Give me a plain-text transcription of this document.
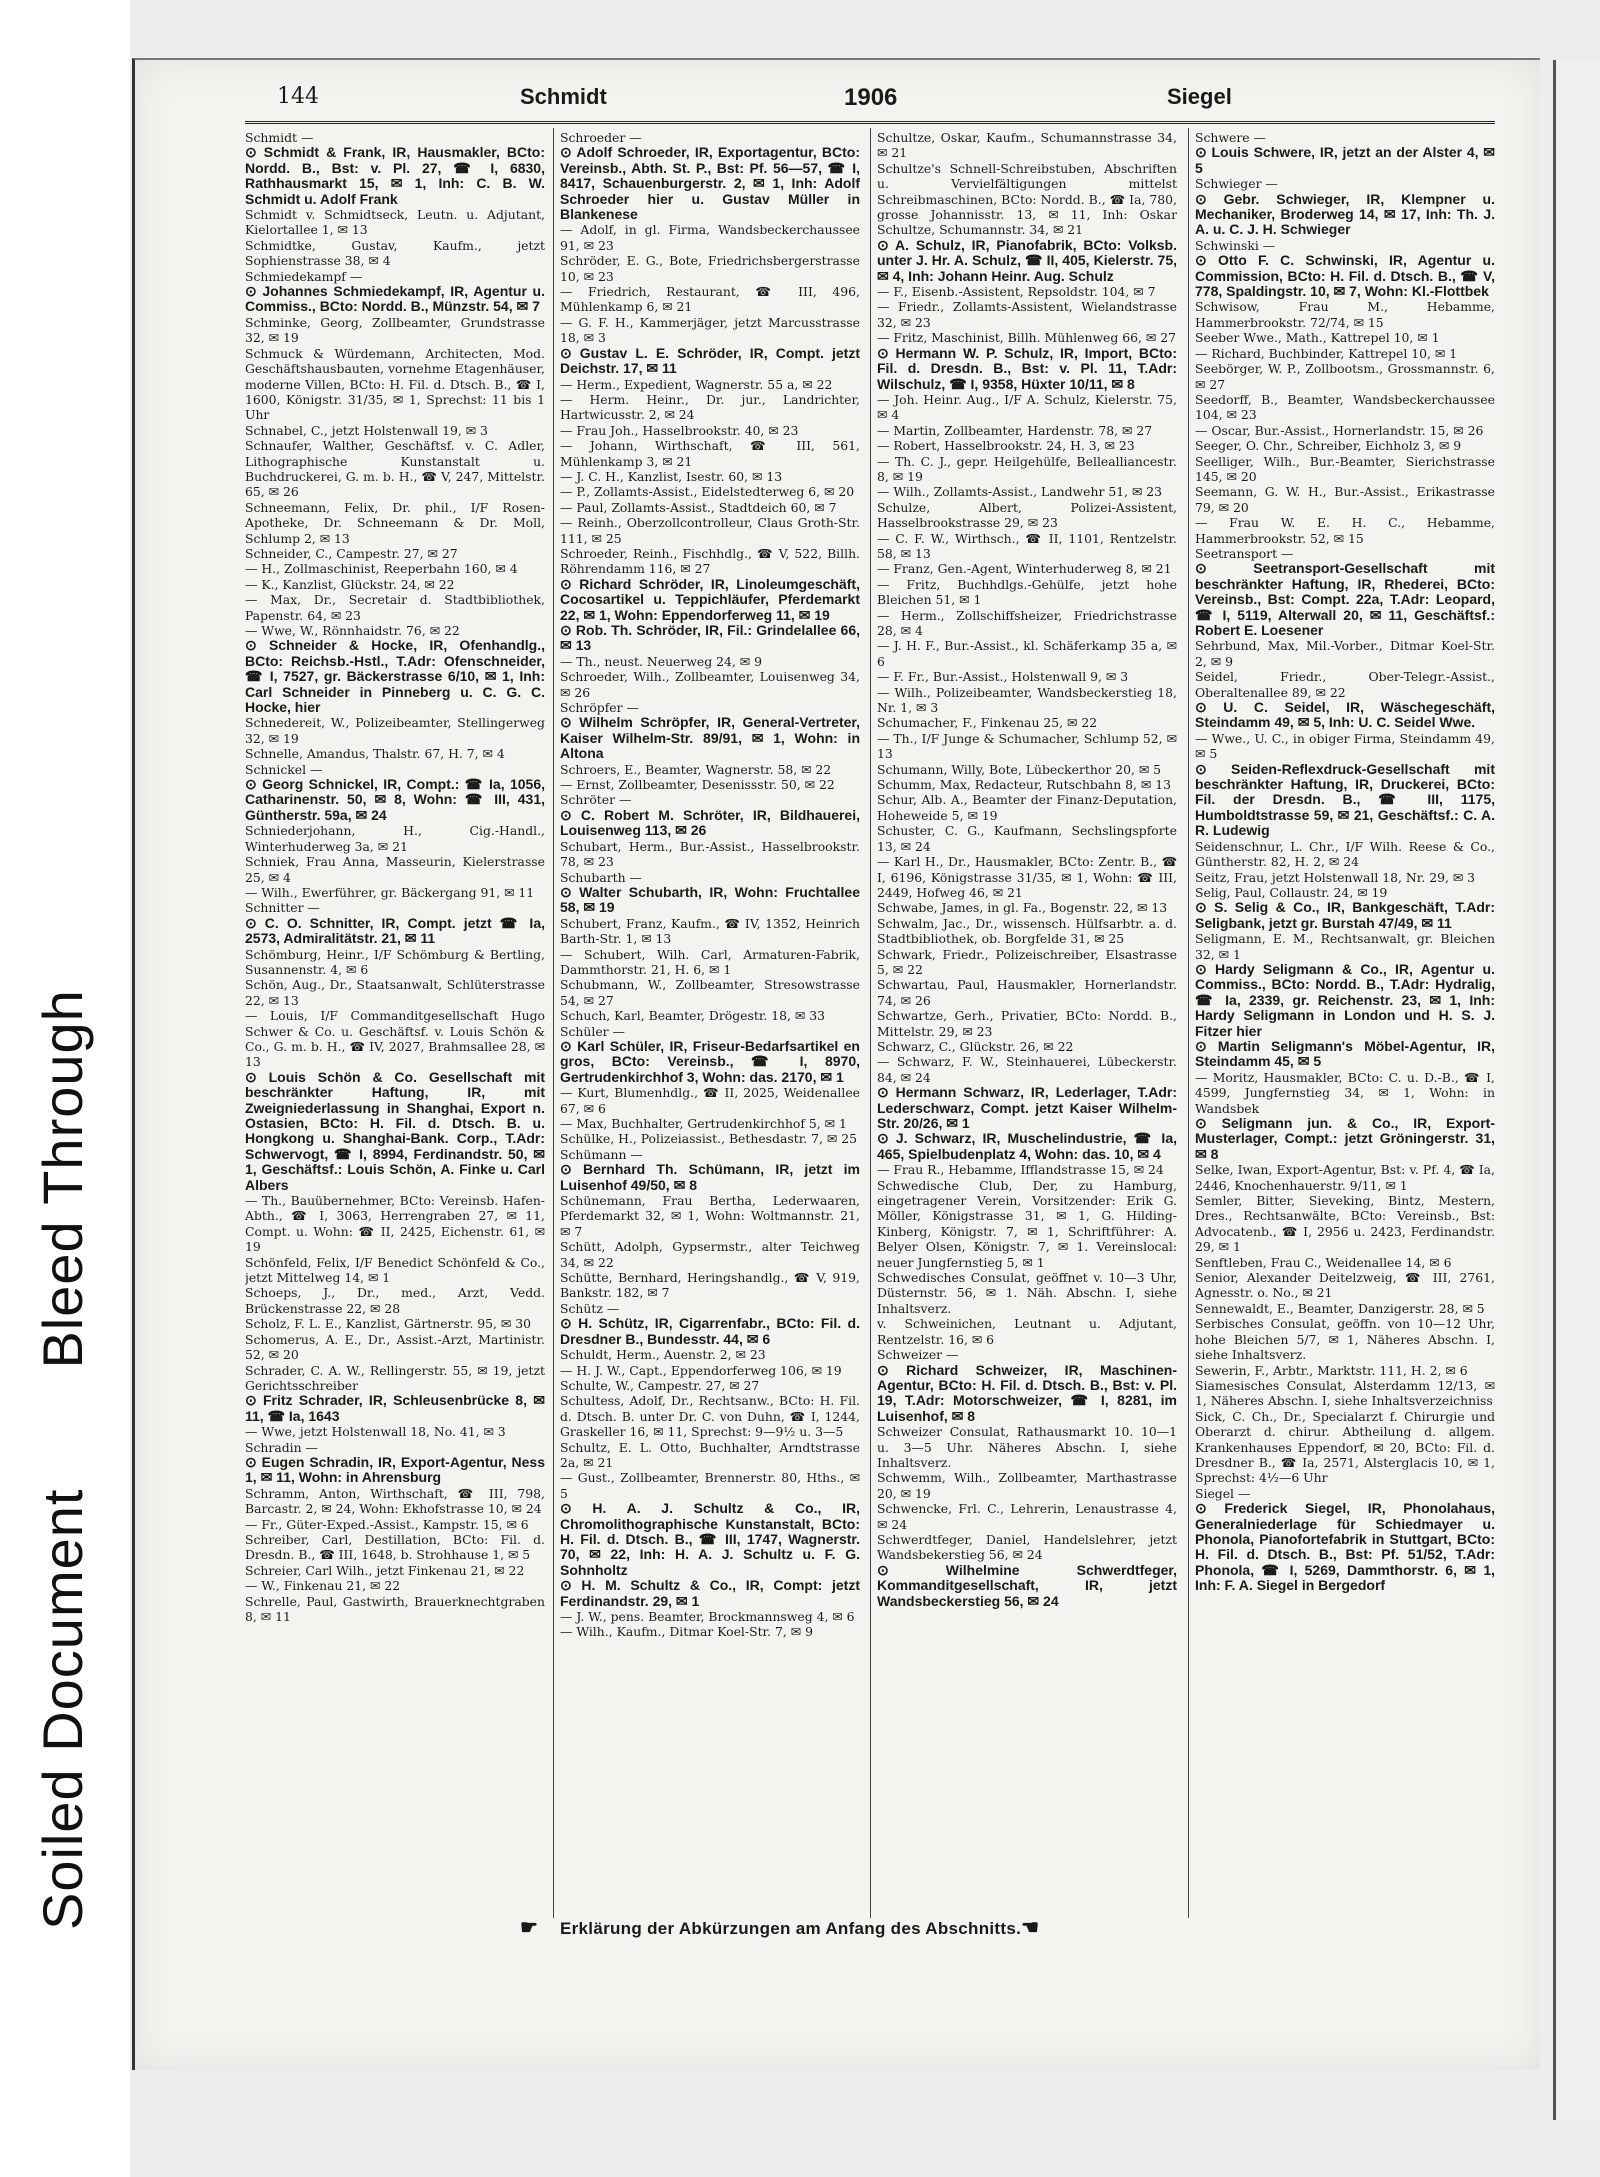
Soiled DocumentBleed Through
144	Schmidt	1906	Siegel

Schmidt —

⊙ Schmidt & Frank, IR, Hausmakler, BCto: Nordd. B., Bst: v. Pl. 27, ☎ I, 6830, Rathhausmarkt 15, ✉ 1, Inh: C. B. W. Schmidt u. Adolf Frank

Schmidt v. Schmidtseck, Leutn. u. Adjutant, Kielortallee 1, ✉ 13

Schmidtke, Gustav, Kaufm., jetzt Sophienstrasse 38, ✉ 4

Schmiedekampf —

⊙ Johannes Schmiedekampf, IR, Agentur u. Commiss., BCto: Nordd. B., Münzstr. 54, ✉ 7

Schminke, Georg, Zollbeamter, Grundstrasse 32, ✉ 19

Schmuck & Würdemann, Architecten, Mod. Geschäftshausbauten, vornehme Etagenhäuser, moderne Villen, BCto: H. Fil. d. Dtsch. B., ☎ I, 1600, Königstr. 31/35, ✉ 1, Sprechst: 11 bis 1 Uhr

Schnabel, C., jetzt Holstenwall 19, ✉ 3

Schnaufer, Walther, Geschäftsf. v. C. Adler, Lithographische Kunstanstalt u. Buchdruckerei, G. m. b. H., ☎ V, 247, Mittelstr. 65, ✉ 26

Schneemann, Felix, Dr. phil., I/F Rosen-Apotheke, Dr. Schneemann & Dr. Moll, Schlump 2, ✉ 13

Schneider, C., Campestr. 27, ✉ 27

— H., Zollmaschinist, Reeperbahn 160, ✉ 4

— K., Kanzlist, Glückstr. 24, ✉ 22

— Max, Dr., Secretair d. Stadtbibliothek, Papenstr. 64, ✉ 23

— Wwe, W., Rönnhaidstr. 76, ✉ 22

⊙ Schneider & Hocke, IR, Ofenhandlg., BCto: Reichsb.-Hstl., T.Adr: Ofenschneider, ☎ I, 7527, gr. Bäckerstrasse 6/10, ✉ 1, Inh: Carl Schneider in Pinneberg u. C. G. C. Hocke, hier

Schnedereit, W., Polizeibeamter, Stellingerweg 32, ✉ 19

Schnelle, Amandus, Thalstr. 67, H. 7, ✉ 4

Schnickel —

⊙ Georg Schnickel, IR, Compt.: ☎ Ia, 1056, Catharinenstr. 50, ✉ 8, Wohn: ☎ III, 431, Güntherstr. 59a, ✉ 24

Schniederjohann, H., Cig.-Handl., Winterhuderweg 3a, ✉ 21

Schniek, Frau Anna, Masseurin, Kielerstrasse 25, ✉ 4

— Wilh., Ewerführer, gr. Bäckergang 91, ✉ 11

Schnitter —

⊙ C. O. Schnitter, IR, Compt. jetzt ☎ Ia, 2573, Admiralitätstr. 21, ✉ 11

Schömburg, Heinr., I/F Schömburg & Bertling, Susannenstr. 4, ✉ 6

Schön, Aug., Dr., Staatsanwalt, Schlüterstrasse 22, ✉ 13

— Louis, I/F Commanditgesellschaft Hugo Schwer & Co. u. Geschäftsf. v. Louis Schön & Co., G. m. b. H., ☎ IV, 2027, Brahmsallee 28, ✉ 13

⊙ Louis Schön & Co. Gesellschaft mit beschränkter Haftung, IR, mit Zweigniederlassung in Shanghai, Export n. Ostasien, BCto: H. Fil. d. Dtsch. B. u. Hongkong u. Shanghai-Bank. Corp., T.Adr: Schwervogt, ☎ I, 8994, Ferdinandstr. 50, ✉ 1, Geschäftsf.: Louis Schön, A. Finke u. Carl Albers

— Th., Bauübernehmer, BCto: Vereinsb. Hafen-Abth., ☎ I, 3063, Herrengraben 27, ✉ 11, Compt. u. Wohn: ☎ II, 2425, Eichenstr. 61, ✉ 19

Schönfeld, Felix, I/F Benedict Schönfeld & Co., jetzt Mittelweg 14, ✉ 1

Schoeps, J., Dr., med., Arzt, Vedd. Brückenstrasse 22, ✉ 28

Scholz, F. L. E., Kanzlist, Gärtnerstr. 95, ✉ 30

Schomerus, A. E., Dr., Assist.-Arzt, Martinistr. 52, ✉ 20

Schrader, C. A. W., Rellingerstr. 55, ✉ 19, jetzt Gerichtsschreiber

⊙ Fritz Schrader, IR, Schleusenbrücke 8, ✉ 11, ☎ Ia, 1643

— Wwe, jetzt Holstenwall 18, No. 41, ✉ 3

Schradin —

⊙ Eugen Schradin, IR, Export-Agentur, Ness 1, ✉ 11, Wohn: in Ahrensburg

Schramm, Anton, Wirthschaft, ☎ III, 798, Barcastr. 2, ✉ 24, Wohn: Ekhofstrasse 10, ✉ 24

— Fr., Güter-Exped.-Assist., Kampstr. 15, ✉ 6

Schreiber, Carl, Destillation, BCto: Fil. d. Dresdn. B., ☎ III, 1648, b. Strohhause 1, ✉ 5

Schreier, Carl Wilh., jetzt Finkenau 21, ✉ 22

— W., Finkenau 21, ✉ 22

Schrelle, Paul, Gastwirth, Brauerknechtgraben 8, ✉ 11

Schroeder —

⊙ Adolf Schroeder, IR, Exportagentur, BCto: Vereinsb., Abth. St. P., Bst: Pf. 56—57, ☎ I, 8417, Schauenburgerstr. 2, ✉ 1, Inh: Adolf Schroeder hier u. Gustav Müller in Blankenese

— Adolf, in gl. Firma, Wandsbeckerchaussee 91, ✉ 23

Schröder, E. G., Bote, Friedrichsbergerstrasse 10, ✉ 23

— Friedrich, Restaurant, ☎ III, 496, Mühlenkamp 6, ✉ 21

— G. F. H., Kammerjäger, jetzt Marcusstrasse 18, ✉ 3

⊙ Gustav L. E. Schröder, IR, Compt. jetzt Deichstr. 17, ✉ 11

— Herm., Expedient, Wagnerstr. 55 a, ✉ 22

— Herm. Heinr., Dr. jur., Landrichter, Hartwicusstr. 2, ✉ 24

— Frau Joh., Hasselbrookstr. 40, ✉ 23

— Johann, Wirthschaft, ☎ III, 561, Mühlenkamp 3, ✉ 21

— J. C. H., Kanzlist, Isestr. 60, ✉ 13

— P., Zollamts-Assist., Eidelstedterweg 6, ✉ 20

— Paul, Zollamts-Assist., Stadtdeich 60, ✉ 7

— Reinh., Oberzollcontrolleur, Claus Groth-Str. 111, ✉ 25

Schroeder, Reinh., Fischhdlg., ☎ V, 522, Billh. Röhrendamm 116, ✉ 27

⊙ Richard Schröder, IR, Linoleumgeschäft, Cocosartikel u. Teppichläufer, Pferdemarkt 22, ✉ 1, Wohn: Eppendorferweg 11, ✉ 19

⊙ Rob. Th. Schröder, IR, Fil.: Grindelallee 66, ✉ 13

— Th., neust. Neuerweg 24, ✉ 9

Schroeder, Wilh., Zollbeamter, Louisenweg 34, ✉ 26

Schröpfer —

⊙ Wilhelm Schröpfer, IR, General-Vertreter, Kaiser Wilhelm-Str. 89/91, ✉ 1, Wohn: in Altona

Schroers, E., Beamter, Wagnerstr. 58, ✉ 22

— Ernst, Zollbeamter, Desenissstr. 50, ✉ 22

Schröter —

⊙ C. Robert M. Schröter, IR, Bildhauerei, Louisenweg 113, ✉ 26

Schubart, Herm., Bur.-Assist., Hasselbrookstr. 78, ✉ 23

Schubarth —

⊙ Walter Schubarth, IR, Wohn: Fruchtallee 58, ✉ 19

Schubert, Franz, Kaufm., ☎ IV, 1352, Heinrich Barth-Str. 1, ✉ 13

— Schubert, Wilh. Carl, Armaturen-Fabrik, Dammthorstr. 21, H. 6, ✉ 1

Schubmann, W., Zollbeamter, Stresowstrasse 54, ✉ 27

Schuch, Karl, Beamter, Drögestr. 18, ✉ 33

Schüler —

⊙ Karl Schüler, IR, Friseur-Bedarfsartikel en gros, BCto: Vereinsb., ☎ I, 8970, Gertrudenkirchhof 3, Wohn: das. 2170, ✉ 1

— Kurt, Blumenhdlg., ☎ II, 2025, Weidenallee 67, ✉ 6

— Max, Buchhalter, Gertrudenkirchhof 5, ✉ 1

Schülke, H., Polizeiassist., Bethesdastr. 7, ✉ 25

Schümann —

⊙ Bernhard Th. Schümann, IR, jetzt im Luisenhof 49/50, ✉ 8

Schünemann, Frau Bertha, Lederwaaren, Pferdemarkt 32, ✉ 1, Wohn: Woltmannstr. 21, ✉ 7

Schütt, Adolph, Gypsermstr., alter Teichweg 34, ✉ 22

Schütte, Bernhard, Heringshandlg., ☎ V, 919, Bankstr. 182, ✉ 7

Schütz —

⊙ H. Schütz, IR, Cigarrenfabr., BCto: Fil. d. Dresdner B., Bundesstr. 44, ✉ 6

Schuldt, Herm., Auenstr. 2, ✉ 23

— H. J. W., Capt., Eppendorferweg 106, ✉ 19

Schulte, W., Campestr. 27, ✉ 27

Schultess, Adolf, Dr., Rechtsanw., BCto: H. Fil. d. Dtsch. B. unter Dr. C. von Duhn, ☎ I, 1244, Graskeller 16, ✉ 11, Sprechst: 9—9½ u. 3—5

Schultz, E. L. Otto, Buchhalter, Arndtstrasse 2a, ✉ 21

— Gust., Zollbeamter, Brennerstr. 80, Hths., ✉ 5

⊙ H. A. J. Schultz & Co., IR, Chromolithographische Kunstanstalt, BCto: H. Fil. d. Dtsch. B., ☎ III, 1747, Wagnerstr. 70, ✉ 22, Inh: H. A. J. Schultz u. F. G. Sohnholtz

⊙ H. M. Schultz & Co., IR, Compt: jetzt Ferdinandstr. 29, ✉ 1

— J. W., pens. Beamter, Brockmannsweg 4, ✉ 6

— Wilh., Kaufm., Ditmar Koel-Str. 7, ✉ 9

Schultze, Oskar, Kaufm., Schumannstrasse 34, ✉ 21

Schultze's Schnell-Schreibstuben, Abschriften u. Vervielfältigungen mittelst Schreibmaschinen, BCto: Nordd. B., ☎ Ia, 780, grosse Johannisstr. 13, ✉ 11, Inh: Oskar Schultze, Schumannstr. 34, ✉ 21

⊙ A. Schulz, IR, Pianofabrik, BCto: Volksb. unter J. Hr. A. Schulz, ☎ II, 405, Kielerstr. 75, ✉ 4, Inh: Johann Heinr. Aug. Schulz

— F., Eisenb.-Assistent, Repsoldstr. 104, ✉ 7

— Friedr., Zollamts-Assistent, Wielandstrasse 32, ✉ 23

— Fritz, Maschinist, Billh. Mühlenweg 66, ✉ 27

⊙ Hermann W. P. Schulz, IR, Import, BCto: Fil. d. Dresdn. B., Bst: v. Pl. 11, T.Adr: Wilschulz, ☎ I, 9358, Hüxter 10/11, ✉ 8

— Joh. Heinr. Aug., I/F A. Schulz, Kielerstr. 75, ✉ 4

— Martin, Zollbeamter, Hardenstr. 78, ✉ 27

— Robert, Hasselbrookstr. 24, H. 3, ✉ 23

— Th. C. J., gepr. Heilgehülfe, Bellealliancestr. 8, ✉ 19

— Wilh., Zollamts-Assist., Landwehr 51, ✉ 23

Schulze, Albert, Polizei-Assistent, Hasselbrookstrasse 29, ✉ 23

— C. F. W., Wirthsch., ☎ II, 1101, Rentzelstr. 58, ✉ 13

— Franz, Gen.-Agent, Winterhuderweg 8, ✉ 21

— Fritz, Buchhdlgs.-Gehülfe, jetzt hohe Bleichen 51, ✉ 1

— Herm., Zollschiffsheizer, Friedrichstrasse 28, ✉ 4

— J. H. F., Bur.-Assist., kl. Schäferkamp 35 a, ✉ 6

— F. Fr., Bur.-Assist., Holstenwall 9, ✉ 3

— Wilh., Polizeibeamter, Wandsbeckerstieg 18, Nr. 1, ✉ 3

Schumacher, F., Finkenau 25, ✉ 22

— Th., I/F Junge & Schumacher, Schlump 52, ✉ 13

Schumann, Willy, Bote, Lübeckerthor 20, ✉ 5

Schumm, Max, Redacteur, Rutschbahn 8, ✉ 13

Schur, Alb. A., Beamter der Finanz-Deputation, Hoheweide 5, ✉ 19

Schuster, C. G., Kaufmann, Sechslingspforte 13, ✉ 24

— Karl H., Dr., Hausmakler, BCto: Zentr. B., ☎ I, 6196, Königstrasse 31/35, ✉ 1, Wohn: ☎ III, 2449, Hofweg 46, ✉ 21

Schwabe, James, in gl. Fa., Bogenstr. 22, ✉ 13

Schwalm, Jac., Dr., wissensch. Hülfsarbtr. a. d. Stadtbibliothek, ob. Borgfelde 31, ✉ 25

Schwark, Friedr., Polizeischreiber, Elsastrasse 5, ✉ 22

Schwartau, Paul, Hausmakler, Hornerlandstr. 74, ✉ 26

Schwartze, Gerh., Privatier, BCto: Nordd. B., Mittelstr. 29, ✉ 23

Schwarz, C., Glückstr. 26, ✉ 22

— Schwarz, F. W., Steinhauerei, Lübeckerstr. 84, ✉ 24

⊙ Hermann Schwarz, IR, Lederlager, T.Adr: Lederschwarz, Compt. jetzt Kaiser Wilhelm-Str. 20/26, ✉ 1

⊙ J. Schwarz, IR, Muschelindustrie, ☎ Ia, 465, Spielbudenplatz 4, Wohn: das. 10, ✉ 4

— Frau R., Hebamme, Ifflandstrasse 15, ✉ 24

Schwedische Club, Der, zu Hamburg, eingetragener Verein, Vorsitzender: Erik G. Möller, Königstrasse 31, ✉ 1, G. Hilding-Kinberg, Königstr. 7, ✉ 1, Schriftführer: A. Belyer Olsen, Königstr. 7, ✉ 1. Vereinslocal: neuer Jungfernstieg 5, ✉ 1

Schwedisches Consulat, geöffnet v. 10—3 Uhr, Düsternstr. 56, ✉ 1. Näh. Abschn. I, siehe Inhaltsverz.

v. Schweinichen, Leutnant u. Adjutant, Rentzelstr. 16, ✉ 6

Schweizer —

⊙ Richard Schweizer, IR, Maschinen-Agentur, BCto: H. Fil. d. Dtsch. B., Bst: v. Pl. 19, T.Adr: Motorschweizer, ☎ I, 8281, im Luisenhof, ✉ 8

Schweizer Consulat, Rathausmarkt 10. 10—1 u. 3—5 Uhr. Näheres Abschn. I, siehe Inhaltsverz.

Schwemm, Wilh., Zollbeamter, Marthastrasse 20, ✉ 19

Schwencke, Frl. C., Lehrerin, Lenaustrasse 4, ✉ 24

Schwerdtfeger, Daniel, Handelslehrer, jetzt Wandsbekerstieg 56, ✉ 24

⊙ Wilhelmine Schwerdtfeger, Kommanditgesellschaft, IR, jetzt Wandsbeckerstieg 56, ✉ 24

Schwere —

⊙ Louis Schwere, IR, jetzt an der Alster 4, ✉ 5

Schwieger —

⊙ Gebr. Schwieger, IR, Klempner u. Mechaniker, Broderweg 14, ✉ 17, Inh: Th. J. A. u. C. J. H. Schwieger

Schwinski —

⊙ Otto F. C. Schwinski, IR, Agentur u. Commission, BCto: H. Fil. d. Dtsch. B., ☎ V, 778, Spaldingstr. 10, ✉ 7, Wohn: Kl.-Flottbek

Schwisow, Frau M., Hebamme, Hammerbrookstr. 72/74, ✉ 15

Seeber Wwe., Math., Kattrepel 10, ✉ 1

— Richard, Buchbinder, Kattrepel 10, ✉ 1

Seebörger, W. P., Zollbootsm., Grossmannstr. 6, ✉ 27

Seedorff, B., Beamter, Wandsbeckerchaussee 104, ✉ 23

— Oscar, Bur.-Assist., Hornerlandstr. 15, ✉ 26

Seeger, O. Chr., Schreiber, Eichholz 3, ✉ 9

Seelliger, Wilh., Bur.-Beamter, Sierichstrasse 145, ✉ 20

Seemann, G. W. H., Bur.-Assist., Erikastrasse 79, ✉ 20

— Frau W. E. H. C., Hebamme, Hammerbrookstr. 52, ✉ 15

Seetransport —

⊙ Seetransport-Gesellschaft mit beschränkter Haftung, IR, Rhederei, BCto: Vereinsb., Bst: Compt. 22a, T.Adr: Leopard, ☎ I, 5119, Alterwall 20, ✉ 11, Geschäftsf.: Robert E. Loesener

Sehrbund, Max, Mil.-Vorber., Ditmar Koel-Str. 2, ✉ 9

Seidel, Friedr., Ober-Telegr.-Assist., Oberaltenallee 89, ✉ 22

⊙ U. C. Seidel, IR, Wäschegeschäft, Steindamm 49, ✉ 5, Inh: U. C. Seidel Wwe.

— Wwe., U. C., in obiger Firma, Steindamm 49, ✉ 5

⊙ Seiden-Reflexdruck-Gesellschaft mit beschränkter Haftung, IR, Druckerei, BCto: Fil. der Dresdn. B., ☎ III, 1175, Humboldtstrasse 59, ✉ 21, Geschäftsf.: C. A. R. Ludewig

Seidenschnur, L. Chr., I/F Wilh. Reese & Co., Güntherstr. 82, H. 2, ✉ 24

Seitz, Frau, jetzt Holstenwall 18, Nr. 29, ✉ 3

Selig, Paul, Collaustr. 24, ✉ 19

⊙ S. Selig & Co., IR, Bankgeschäft, T.Adr: Seligbank, jetzt gr. Burstah 47/49, ✉ 11

Seligmann, E. M., Rechtsanwalt, gr. Bleichen 32, ✉ 1

⊙ Hardy Seligmann & Co., IR, Agentur u. Commiss., BCto: Nordd. B., T.Adr: Hydralig, ☎ Ia, 2339, gr. Reichenstr. 23, ✉ 1, Inh: Hardy Seligmann in London und H. S. J. Fitzer hier

⊙ Martin Seligmann's Möbel-Agentur, IR, Steindamm 45, ✉ 5

— Moritz, Hausmakler, BCto: C. u. D.-B., ☎ I, 4599, Jungfernstieg 34, ✉ 1, Wohn: in Wandsbek

⊙ Seligmann jun. & Co., IR, Export-Musterlager, Compt.: jetzt Gröningerstr. 31, ✉ 8

Selke, Iwan, Export-Agentur, Bst: v. Pf. 4, ☎ Ia, 2446, Knochenhauerstr. 9/11, ✉ 1

Semler, Bitter, Sieveking, Bintz, Mestern, Dres., Rechtsanwälte, BCto: Vereinsb., Bst: Advocatenb., ☎ I, 2956 u. 2423, Ferdinandstr. 29, ✉ 1

Senftleben, Frau C., Weidenallee 14, ✉ 6

Senior, Alexander Deitelzweig, ☎ III, 2761, Agnesstr. o. No., ✉ 21

Sennewaldt, E., Beamter, Danzigerstr. 28, ✉ 5

Serbisches Consulat, geöffn. von 10—12 Uhr, hohe Bleichen 5/7, ✉ 1, Näheres Abschn. I, siehe Inhaltsverz.

Sewerin, F., Arbtr., Marktstr. 111, H. 2, ✉ 6

Siamesisches Consulat, Alsterdamm 12/13, ✉ 1, Näheres Abschn. I, siehe Inhaltsverzeichniss

Sick, C. Ch., Dr., Specialarzt f. Chirurgie und Oberarzt d. chirur. Abtheilung d. allgem. Krankenhauses Eppendorf, ✉ 20, BCto: Fil. d. Dresdner B., ☎ Ia, 2571, Alsterglacis 10, ✉ 1, Sprechst: 4½—6 Uhr

Siegel —

⊙ Frederick Siegel, IR, Phonolahaus, Generalniederlage für Schiedmayer u. Phonola, Pianofortefabrik in Stuttgart, BCto: H. Fil. d. Dtsch. B., Bst: Pf. 51/52, T.Adr: Phonola, ☎ I, 5269, Dammthorstr. 6, ✉ 1, Inh: F. A. Siegel in Bergedorf

☛ Erklärung der Abkürzungen am Anfang des Abschnitts.☚
